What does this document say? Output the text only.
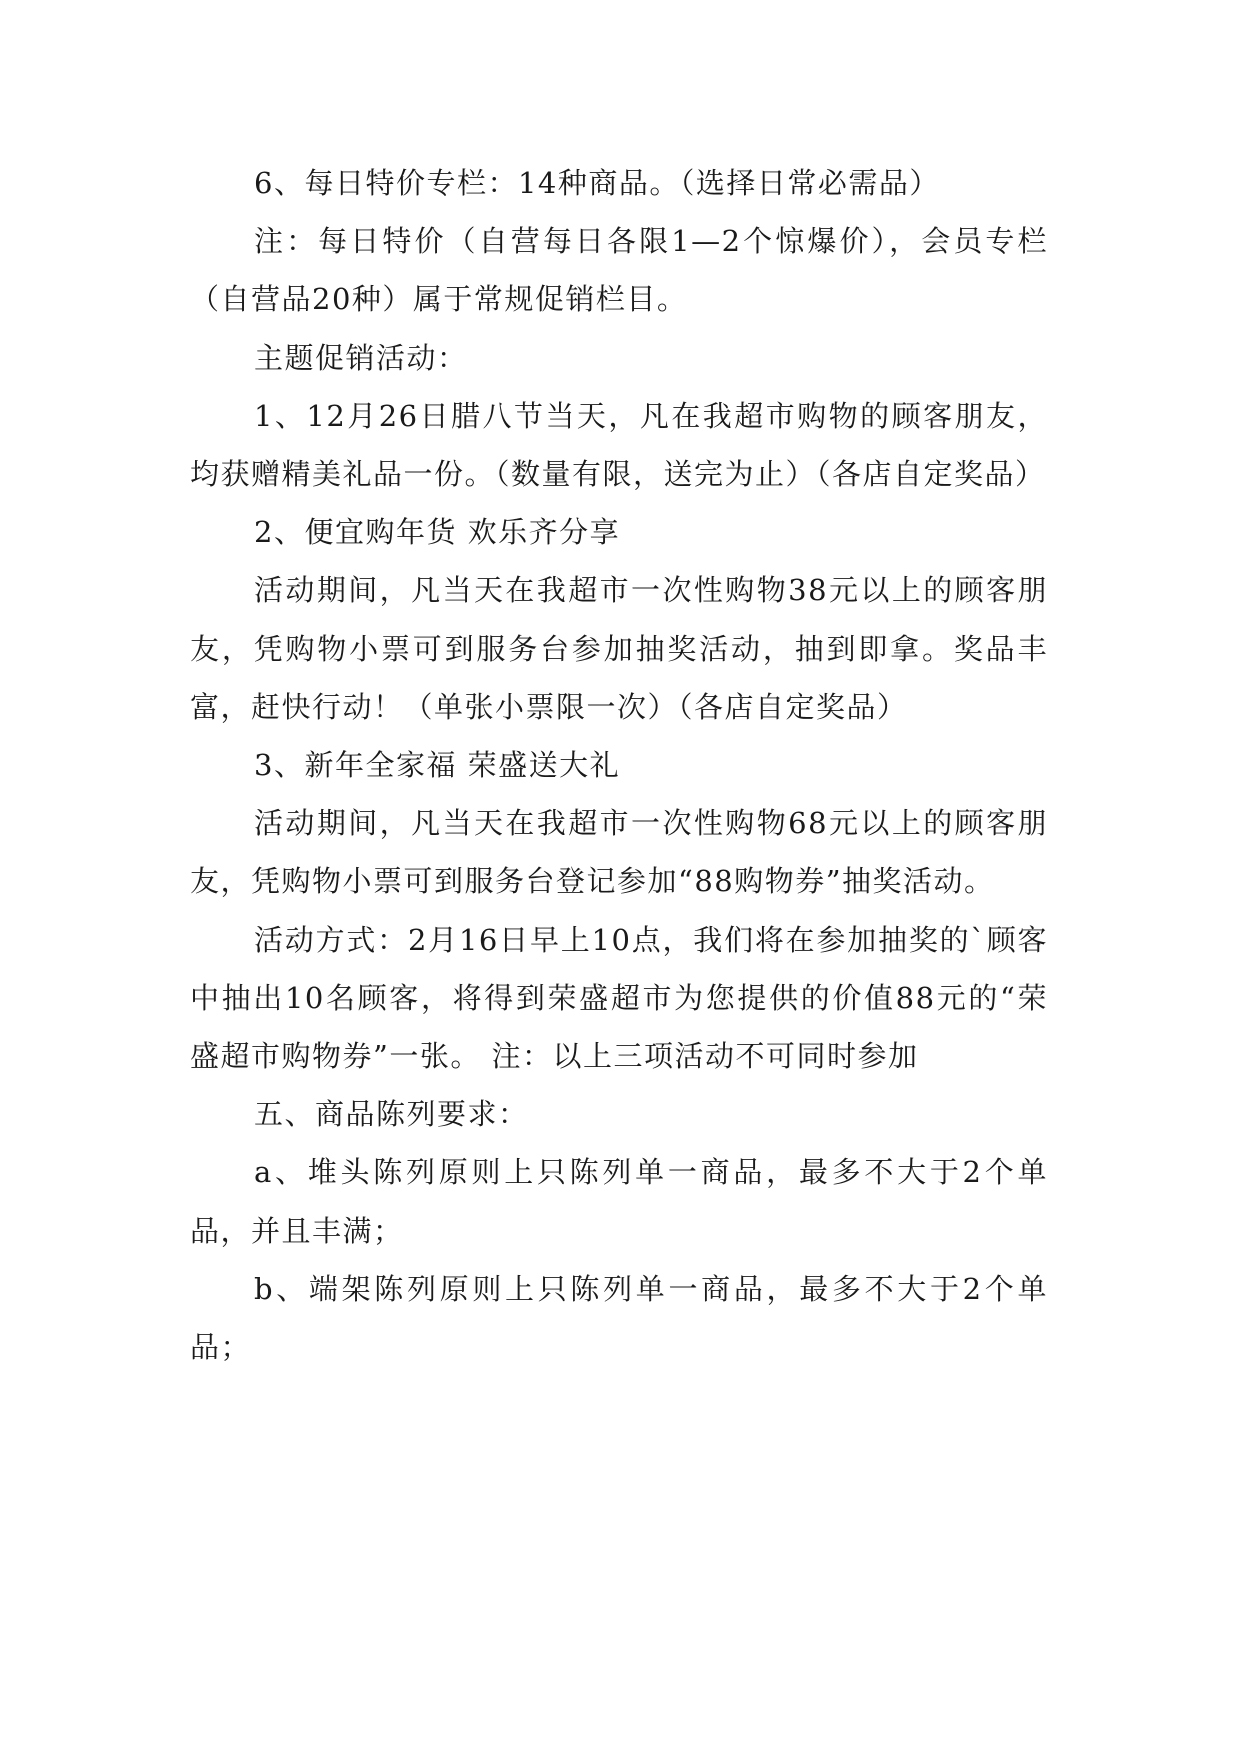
6、每日特价专栏：14种商品。（选择日常必需品）

注：每日特价（自营每日各限1—2个惊爆价），会员专栏（自营品20种）属于常规促销栏目。

主题促销活动：

1、12月26日腊八节当天，凡在我超市购物的顾客朋友，均获赠精美礼品一份。（数量有限，送完为止）（各店自定奖品）

2、便宜购年货 欢乐齐分享

活动期间，凡当天在我超市一次性购物38元以上的顾客朋友，凭购物小票可到服务台参加抽奖活动，抽到即拿。奖品丰富，赶快行动！（单张小票限一次）（各店自定奖品）

3、新年全家福 荣盛送大礼

活动期间，凡当天在我超市一次性购物68元以上的顾客朋友，凭购物小票可到服务台登记参加“88购物券”抽奖活动。

活动方式：2月16日早上10点，我们将在参加抽奖的`顾客中抽出10名顾客，将得到荣盛超市为您提供的价值88元的“荣盛超市购物券”一张。 注：以上三项活动不可同时参加

五、商品陈列要求：

a、堆头陈列原则上只陈列单一商品，最多不大于2个单品，并且丰满；

b、端架陈列原则上只陈列单一商品，最多不大于2个单品；
